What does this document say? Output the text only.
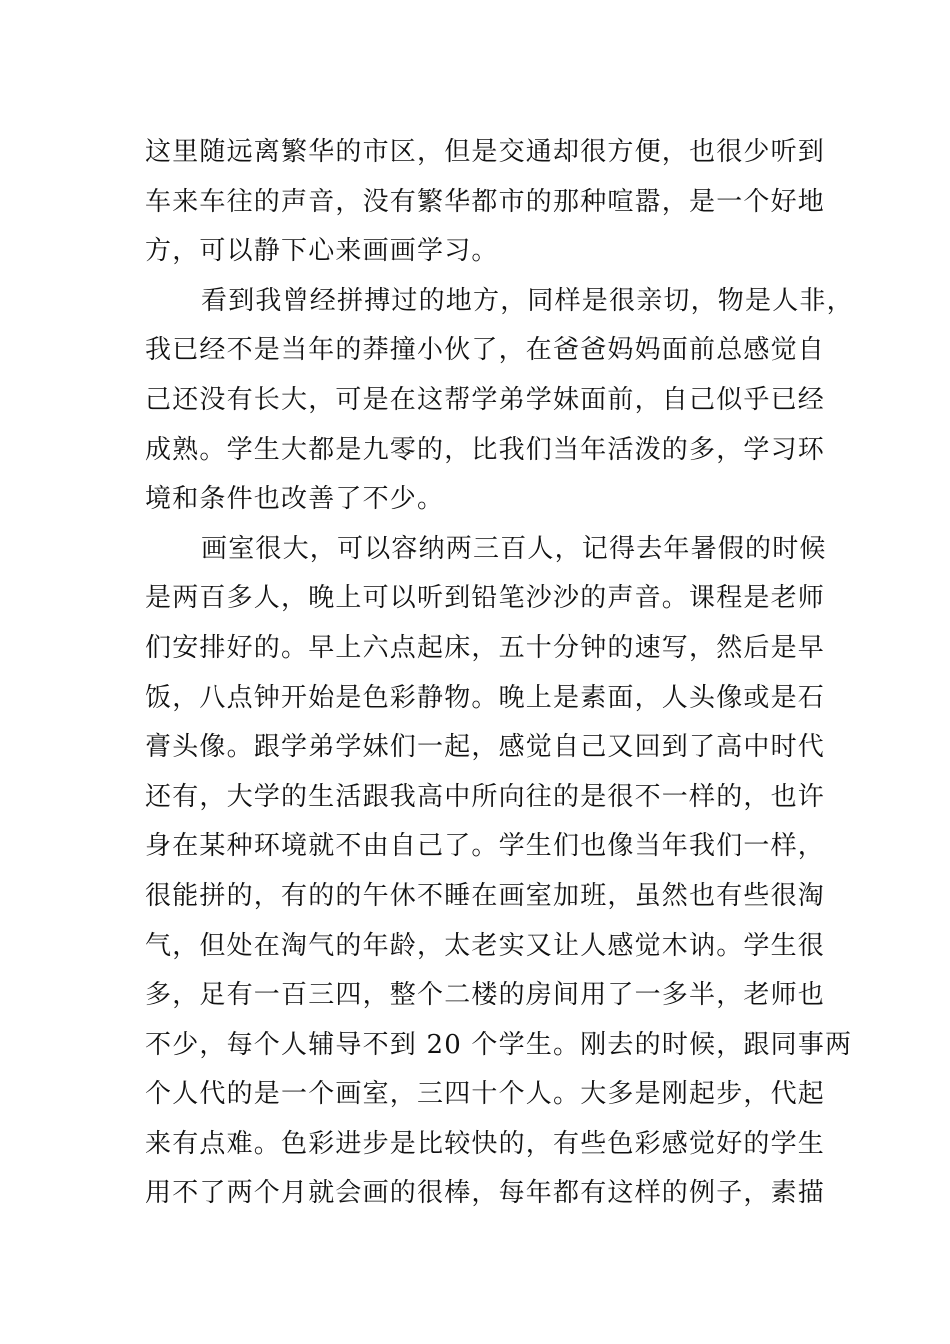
这里随远离繁华的市区，但是交通却很方便，也很少听到
车来车往的声音，没有繁华都市的那种喧嚣，是一个好地
方，可以静下心来画画学习。
看到我曾经拼搏过的地方，同样是很亲切，物是人非，
我已经不是当年的莽撞小伙了，在爸爸妈妈面前总感觉自
己还没有长大，可是在这帮学弟学妹面前，自己似乎已经
成熟。学生大都是九零的，比我们当年活泼的多，学习环
境和条件也改善了不少。
画室很大，可以容纳两三百人，记得去年暑假的时候
是两百多人，晚上可以听到铅笔沙沙的声音。课程是老师
们安排好的。早上六点起床，五十分钟的速写，然后是早
饭，八点钟开始是色彩静物。晚上是素面，人头像或是石
膏头像。跟学弟学妹们一起，感觉自己又回到了高中时代
还有，大学的生活跟我高中所向往的是很不一样的，也许
身在某种环境就不由自己了。学生们也像当年我们一样，
很能拼的，有的的午休不睡在画室加班，虽然也有些很淘
气，但处在淘气的年龄，太老实又让人感觉木讷。学生很
多，足有一百三四，整个二楼的房间用了一多半，老师也
不少，每个人辅导不到 20 个学生。刚去的时候，跟同事两
个人代的是一个画室，三四十个人。大多是刚起步，代起
来有点难。色彩进步是比较快的，有些色彩感觉好的学生
用不了两个月就会画的很棒，每年都有这样的例子，素描
